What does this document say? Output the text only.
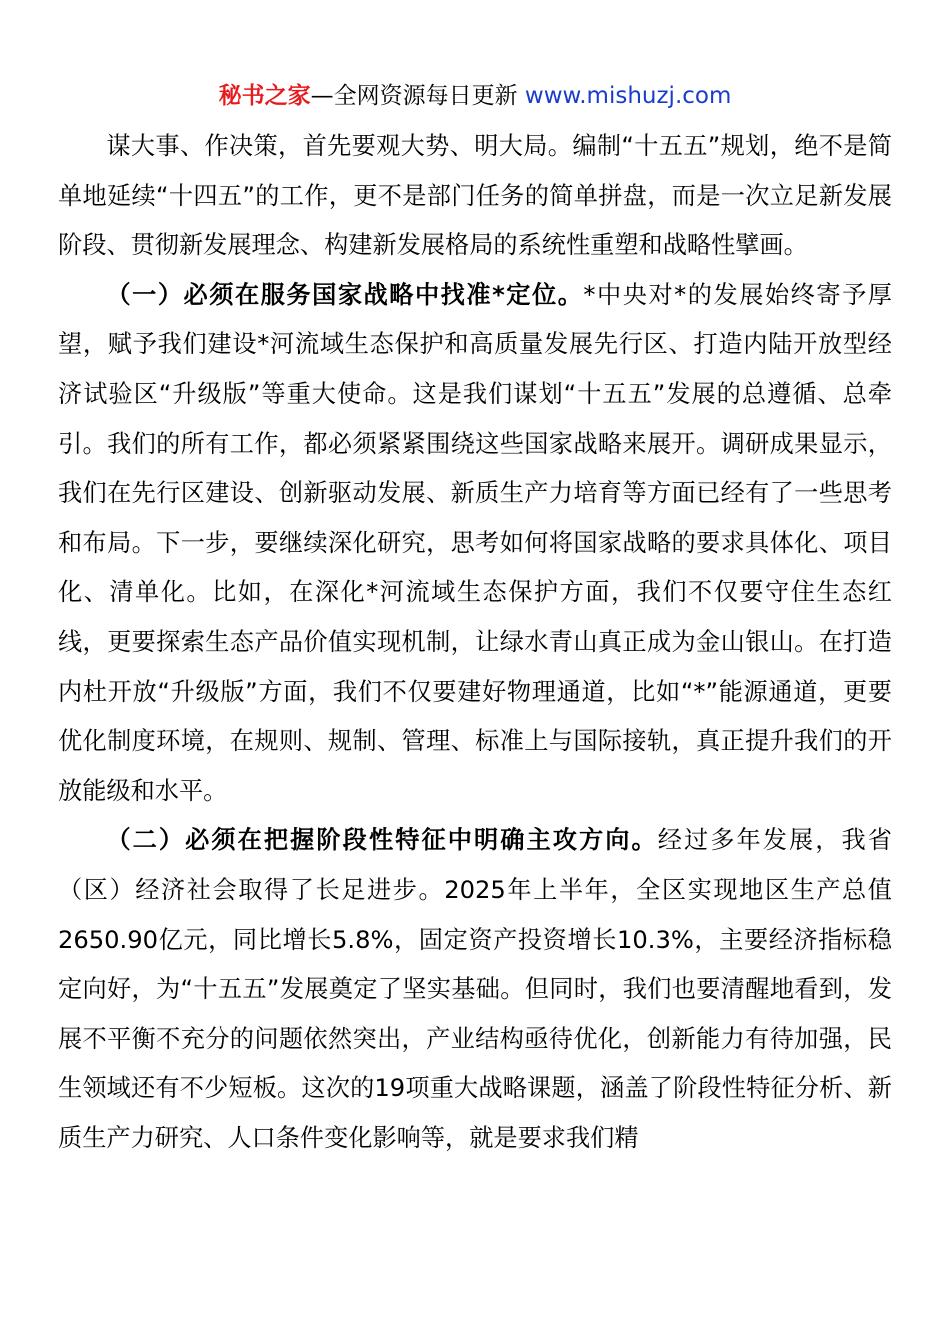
秘书之家—全网资源每日更新 www.mishuzj.com

谋大事、作决策，首先要观大势、明大局。编制“十五五”规划，绝不是简单地延续“十四五”的工作，更不是部门任务的简单拼盘，而是一次立足新发展阶段、贯彻新发展理念、构建新发展格局的系统性重塑和战略性擘画。

（一）必须在服务国家战略中找准*定位。*中央对*的发展始终寄予厚望，赋予我们建设*河流域生态保护和高质量发展先行区、打造内陆开放型经济试验区“升级版”等重大使命。这是我们谋划“十五五”发展的总遵循、总牵引。我们的所有工作，都必须紧紧围绕这些国家战略来展开。调研成果显示，我们在先行区建设、创新驱动发展、新质生产力培育等方面已经有了一些思考和布局。下一步，要继续深化研究，思考如何将国家战略的要求具体化、项目化、清单化。比如，在深化*河流域生态保护方面，我们不仅要守住生态红线，更要探索生态产品价值实现机制，让绿水青山真正成为金山银山。在打造内杜开放“升级版”方面，我们不仅要建好物理通道，比如“*”能源通道，更要优化制度环境，在规则、规制、管理、标准上与国际接轨，真正提升我们的开放能级和水平。

（二）必须在把握阶段性特征中明确主攻方向。经过多年发展，我省（区）经济社会取得了长足进步。2025年上半年，全区实现地区生产总值2650.90亿元，同比增长5.8%，固定资产投资增长10.3%，主要经济指标稳定向好，为“十五五”发展奠定了坚实基础。但同时，我们也要清醒地看到，发展不平衡不充分的问题依然突出，产业结构亟待优化，创新能力有待加强，民生领域还有不少短板。这次的19项重大战略课题，涵盖了阶段性特征分析、新质生产力研究、人口条件变化影响等，就是要求我们精
